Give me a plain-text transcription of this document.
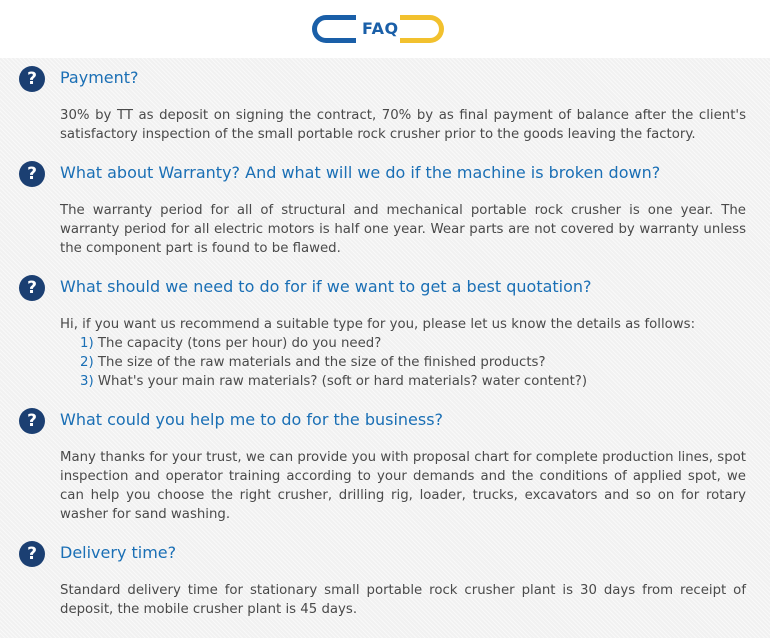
FAQ
?	Payment?
30% by TT as deposit on signing the contract, 70% by as final payment of balance after the client's satisfactory inspection of the small portable rock crusher prior to the goods leaving the factory.
?	What about Warranty? And what will we do if the machine is broken down?
The warranty period for all of structural and mechanical portable rock crusher is one year. The warranty period for all electric motors is half one year. Wear parts are not covered by warranty unless the component part is found to be flawed.
?	What should we need to do for if we want to get a best quotation?
Hi, if you want us recommend a suitable type for you, please let us know the details as follows:
1) The capacity (tons per hour) do you need?
2) The size of the raw materials and the size of the finished products?
3) What's your main raw materials? (soft or hard materials? water content?)
?	What could you help me to do for the business?
Many thanks for your trust, we can provide you with proposal chart for complete production lines, spot inspection and operator training according to your demands and the conditions of applied spot, we can help you choose the right crusher, drilling rig, loader, trucks, excavators and so on for rotary washer for sand washing.
?	Delivery time?
Standard delivery time for stationary small portable rock crusher plant is 30 days from receipt of deposit, the mobile crusher plant is 45 days.
